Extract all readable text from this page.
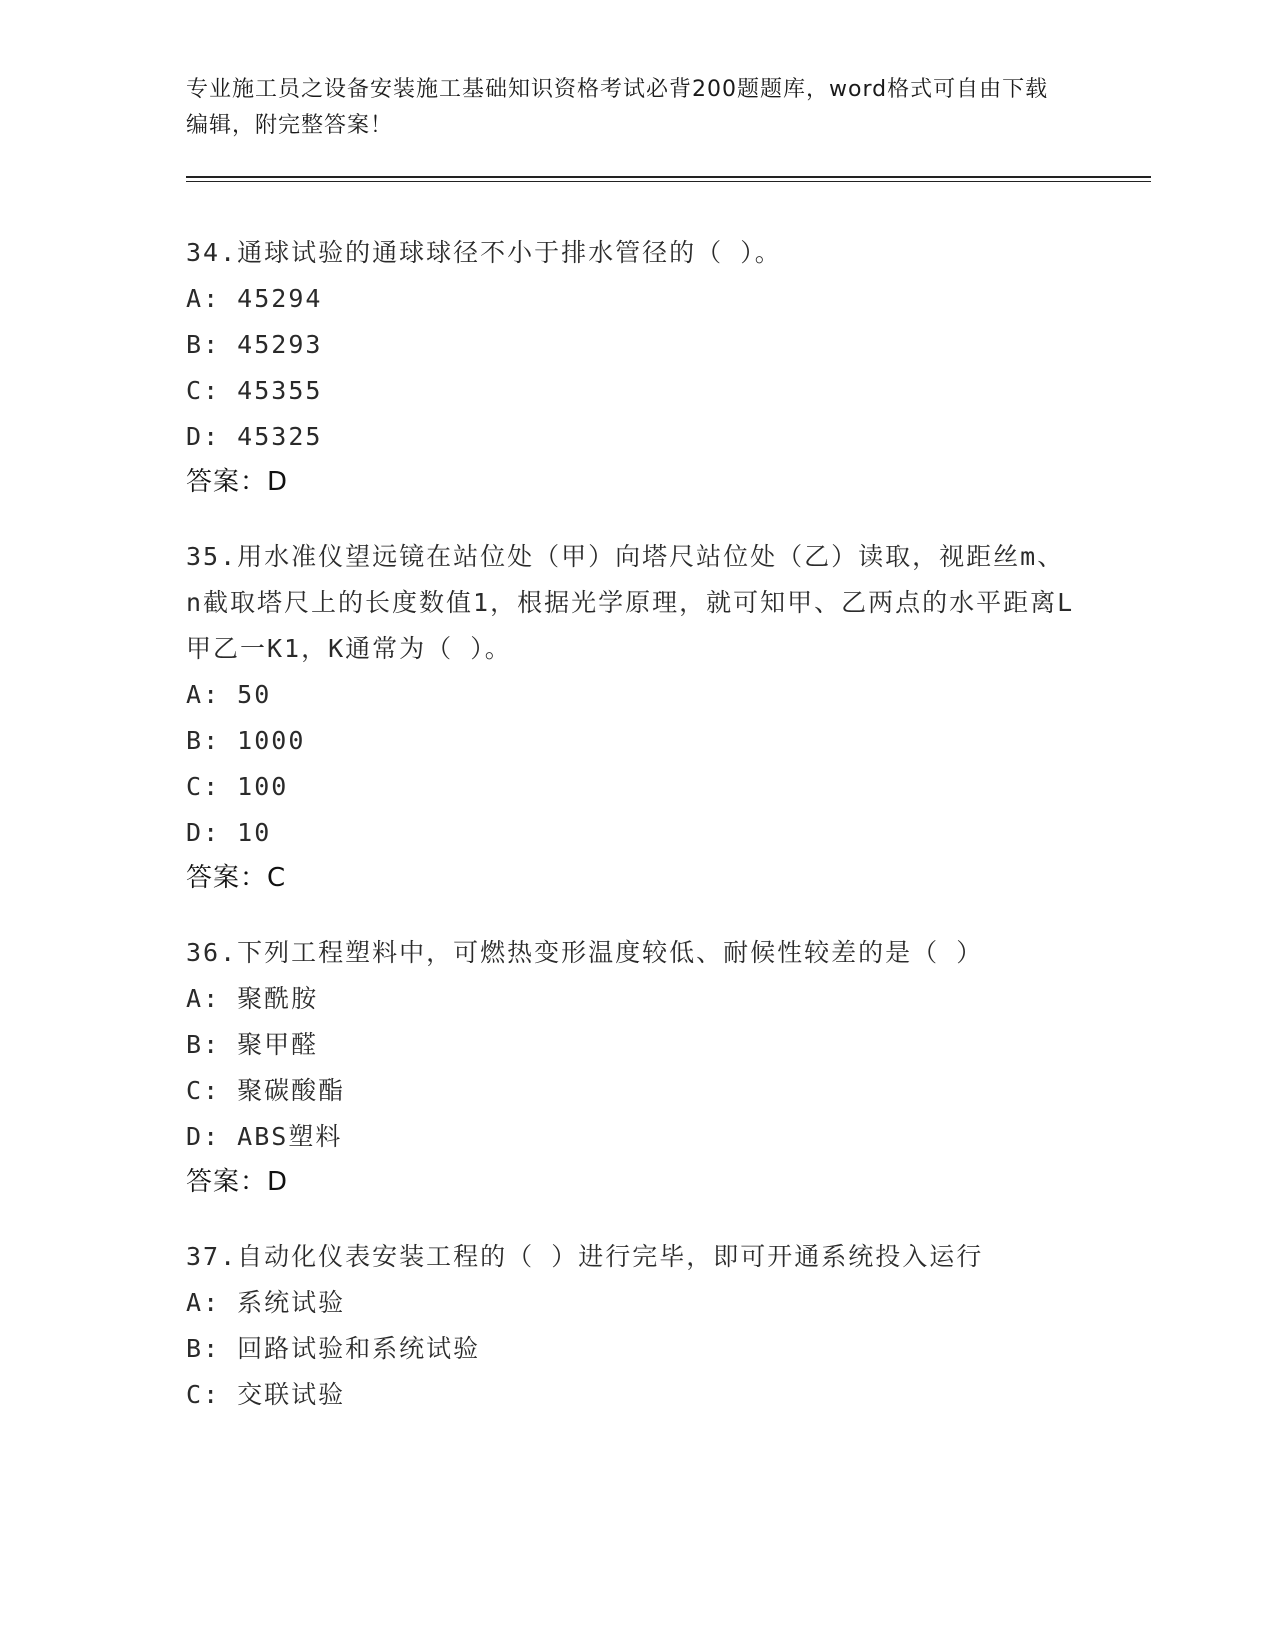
专业施工员之设备安装施工基础知识资格考试必背200题题库，word格式可自由下载编辑，附完整答案！
34.通球试验的通球球径不小于排水管径的（ ）。
A: 45294
B: 45293
C: 45355
D: 45325
答案：D
35.用水准仪望远镜在站位处（甲）向塔尺站位处（乙）读取，视距丝m、n截取塔尺上的长度数值1，根据光学原理，就可知甲、乙两点的水平距离L甲乙一K1，K通常为（ ）。
A: 50
B: 1000
C: 100
D: 10
答案：C
36.下列工程塑料中，可燃热变形温度较低、耐候性较差的是（ ）
A: 聚酰胺
B: 聚甲醛
C: 聚碳酸酯
D: ABS塑料
答案：D
37.自动化仪表安装工程的（ ）进行完毕，即可开通系统投入运行
A: 系统试验
B: 回路试验和系统试验
C: 交联试验
